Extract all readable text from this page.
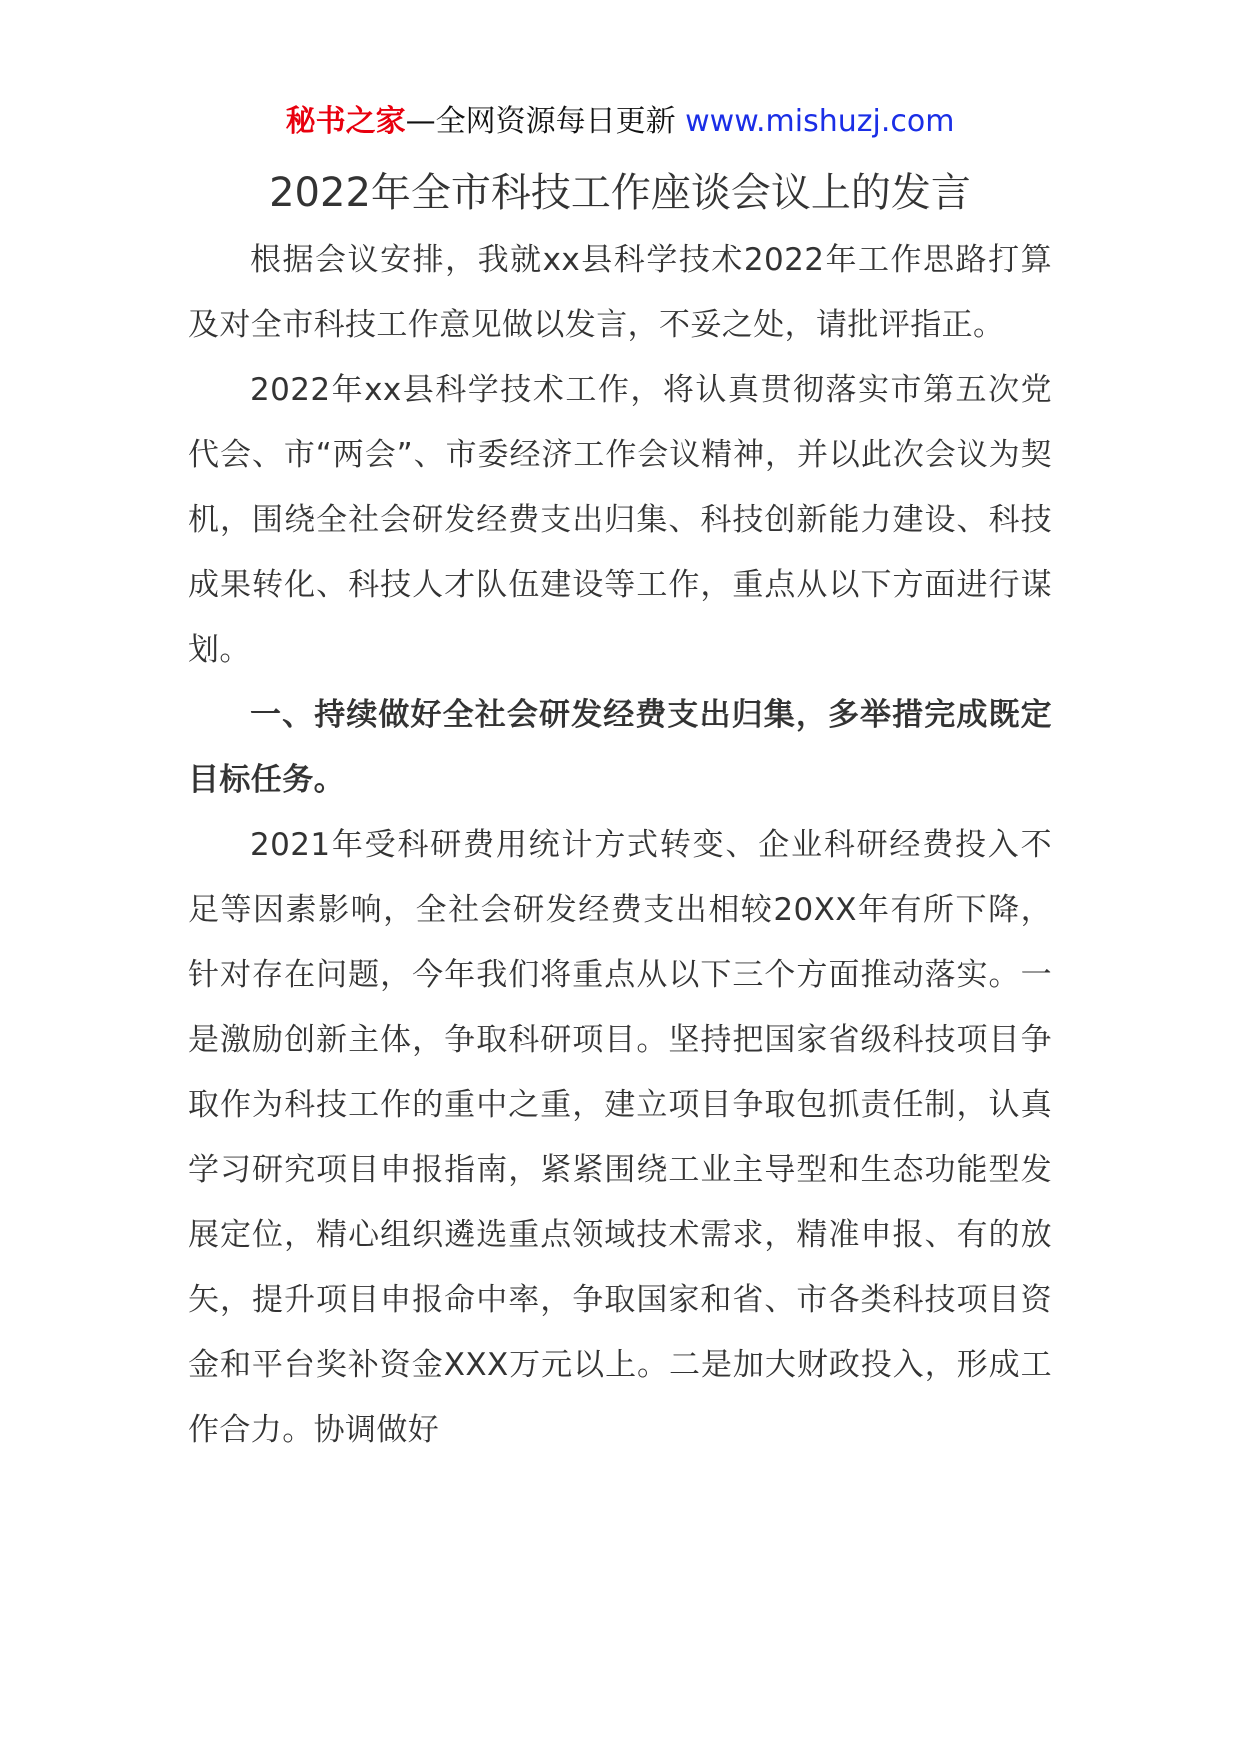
秘书之家—全网资源每日更新 www.mishuzj.com
2022年全市科技工作座谈会议上的发言

根据会议安排，我就xx县科学技术2022年工作思路打算及对全市科技工作意见做以发言，不妥之处，请批评指正。

2022年xx县科学技术工作，将认真贯彻落实市第五次党代会、市“两会”、市委经济工作会议精神，并以此次会议为契机，围绕全社会研发经费支出归集、科技创新能力建设、科技成果转化、科技人才队伍建设等工作，重点从以下方面进行谋划。

一、持续做好全社会研发经费支出归集，多举措完成既定目标任务。

2021年受科研费用统计方式转变、企业科研经费投入不足等因素影响，全社会研发经费支出相较20XX年有所下降，针对存在问题，今年我们将重点从以下三个方面推动落实。一是激励创新主体，争取科研项目。坚持把国家省级科技项目争取作为科技工作的重中之重，建立项目争取包抓责任制，认真学习研究项目申报指南，紧紧围绕工业主导型和生态功能型发展定位，精心组织遴选重点领域技术需求，精准申报、有的放矢，提升项目申报命中率，争取国家和省、市各类科技项目资金和平台奖补资金XXX万元以上。二是加大财政投入，形成工作合力。协调做好
